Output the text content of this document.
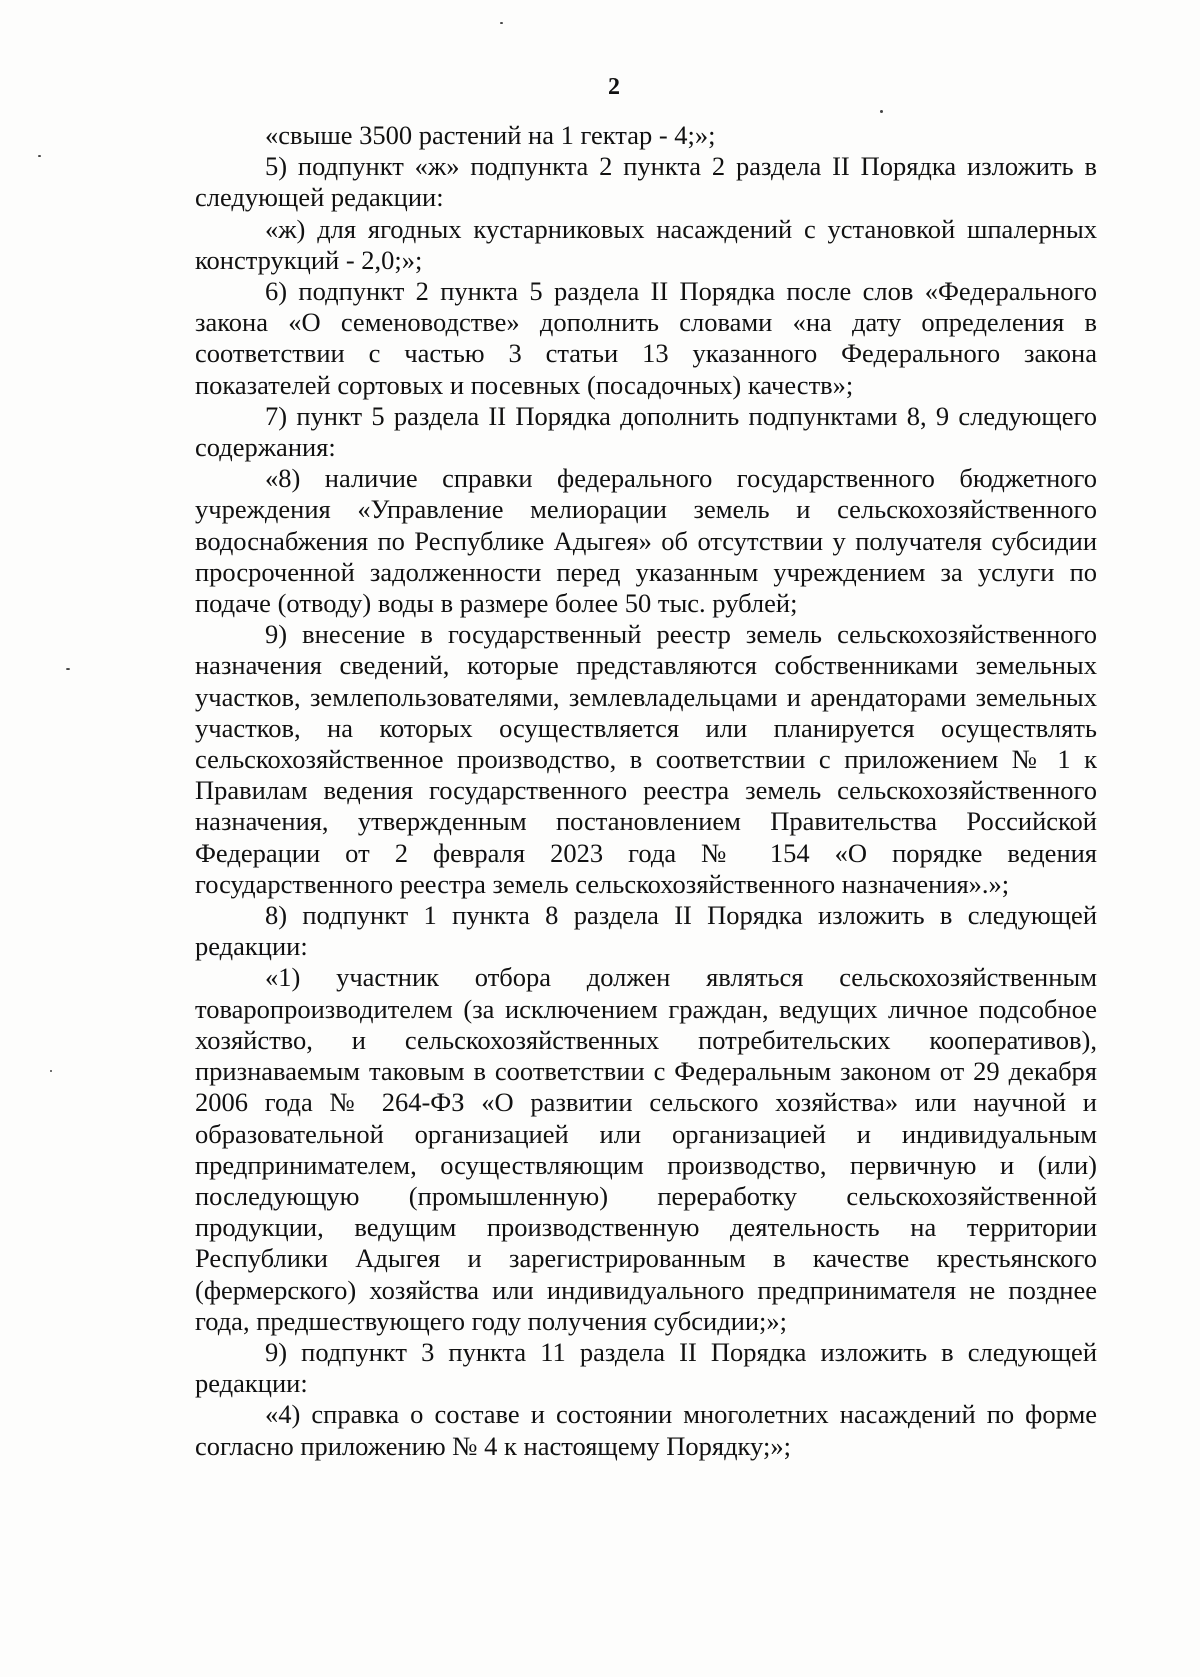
2

«свыше 3500 растений на 1 гектар - 4;»;

5) подпункт «ж» подпункта 2 пункта 2 раздела II Порядка изложить в следующей редакции:

«ж) для ягодных кустарниковых насаждений с установкой шпалерных конструкций - 2,0;»;

6) подпункт 2 пункта 5 раздела II Порядка после слов «Федерального закона «О семеноводстве» дополнить словами «на дату определения в соответствии с частью 3 статьи 13 указанного Федерального закона показателей сортовых и посевных (посадочных) качеств»;

7) пункт 5 раздела II Порядка дополнить подпунктами 8, 9 следующего содержания:

«8) наличие справки федерального государственного бюджетного учреждения «Управление мелиорации земель и сельскохозяйственного водоснабжения по Республике Адыгея» об отсутствии у получателя субсидии просроченной задолженности перед указанным учреждением за услуги по подаче (отводу) воды в размере более 50 тыс. рублей;

9) внесение в государственный реестр земель сельскохозяйственного назначения сведений, которые представляются собственниками земельных участков, землепользователями, землевладельцами и арендаторами земельных участков, на которых осуществляется или планируется осуществлять сельскохозяйственное производство, в соответствии с приложением № 1 к Правилам ведения государственного реестра земель сельскохозяйственного назначения, утвержденным постановлением Правительства Российской Федерации от 2 февраля 2023 года № 154 «О порядке ведения государственного реестра земель сельскохозяйственного назначения».»;

8) подпункт 1 пункта 8 раздела II Порядка изложить в следующей редакции:

«1) участник отбора должен являться сельскохозяйственным товаропроизводителем (за исключением граждан, ведущих личное подсобное хозяйство, и сельскохозяйственных потребительских кооперативов), признаваемым таковым в соответствии с Федеральным законом от 29 декабря 2006 года № 264-ФЗ «О развитии сельского хозяйства» или научной и образовательной организацией или организацией и индивидуальным предпринимателем, осуществляющим производство, первичную и (или) последующую (промышленную) переработку сельскохозяйственной продукции, ведущим производственную деятельность на территории Республики Адыгея и зарегистрированным в качестве крестьянского (фермерского) хозяйства или индивидуального предпринимателя не позднее года, предшествующего году получения субсидии;»;

9) подпункт 3 пункта 11 раздела II Порядка изложить в следующей редакции:

«4) справка о составе и состоянии многолетних насаждений по форме согласно приложению № 4 к настоящему Порядку;»;
